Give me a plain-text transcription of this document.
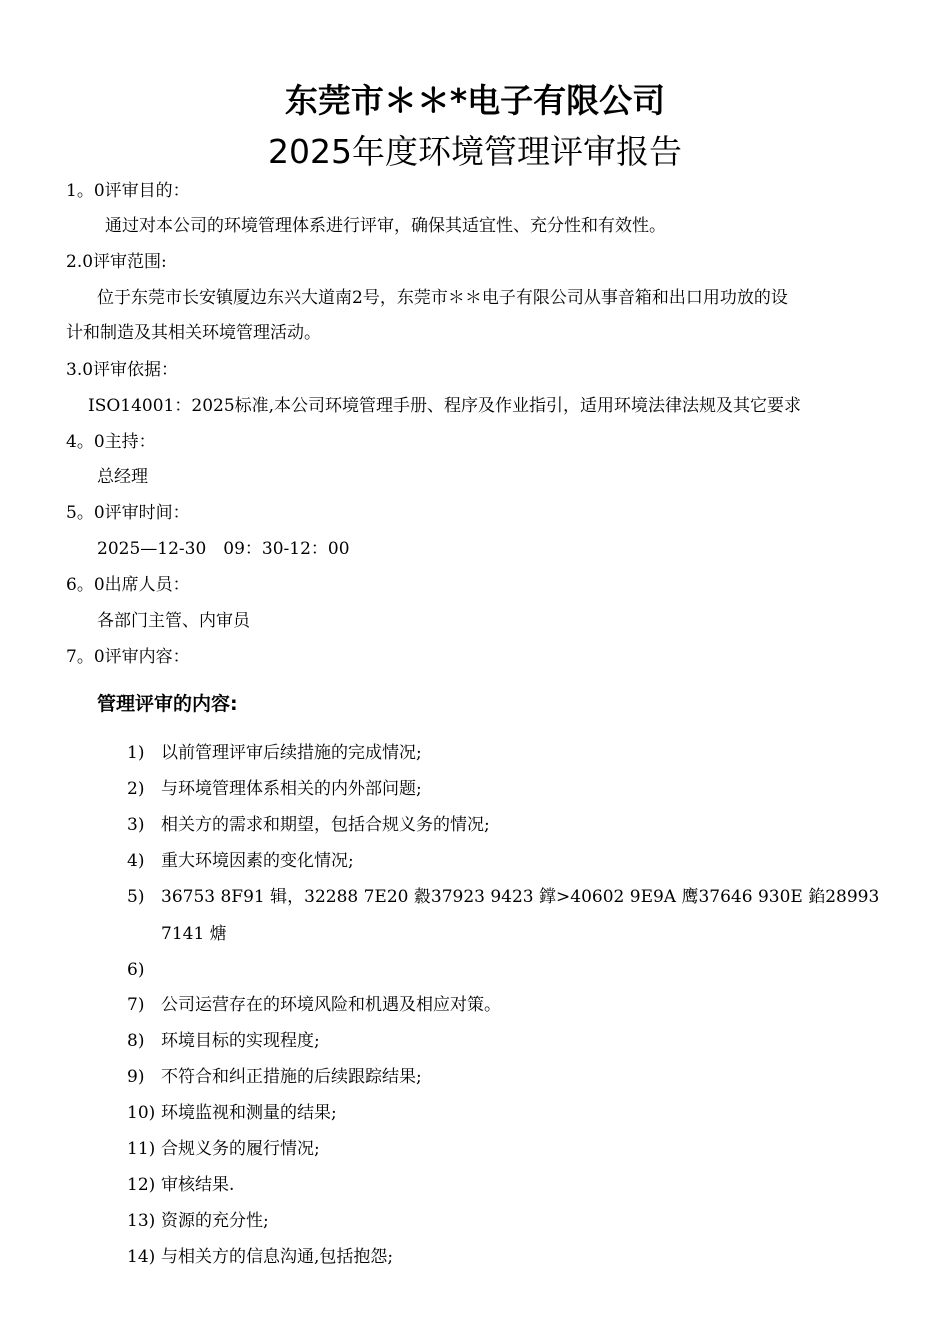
东莞市＊＊*电子有限公司
2025年度环境管理评审报告
1。0评审目的：
通过对本公司的环境管理体系进行评审，确保其适宜性、充分性和有效性。
2.0评审范围:
位于东莞市长安镇厦边东兴大道南2号，东莞市＊＊电子有限公司从事音箱和出口用功放的设
计和制造及其相关环境管理活动。
3.0评审依据：
ISO14001：2025标准,本公司环境管理手册、程序及作业指引，适用环境法律法规及其它要求
4。0主持：
总经理
5。0评审时间：
2025—12-30　09：30-12：00
6。0出席人员：
各部门主管、内审员
7。0评审内容：
管理评审的内容:
1) 以前管理评审后续措施的完成情况;
2) 与环境管理体系相关的内外部问题;
3) 相关方的需求和期望，包括合规义务的情况;
4) 重大环境因素的变化情况;
5) 36753 8F91 辑，32288 7E20 縠37923 9423 鐣>40602 9E9A 鹰37646 930E 錎28993
7141 煻
6)
7) 公司运营存在的环境风险和机遇及相应对策。
8) 环境目标的实现程度;
9) 不符合和纠正措施的后续跟踪结果;
10) 环境监视和测量的结果;
11) 合规义务的履行情况;
12) 审核结果.
13) 资源的充分性;
14) 与相关方的信息沟通,包括抱怨;
